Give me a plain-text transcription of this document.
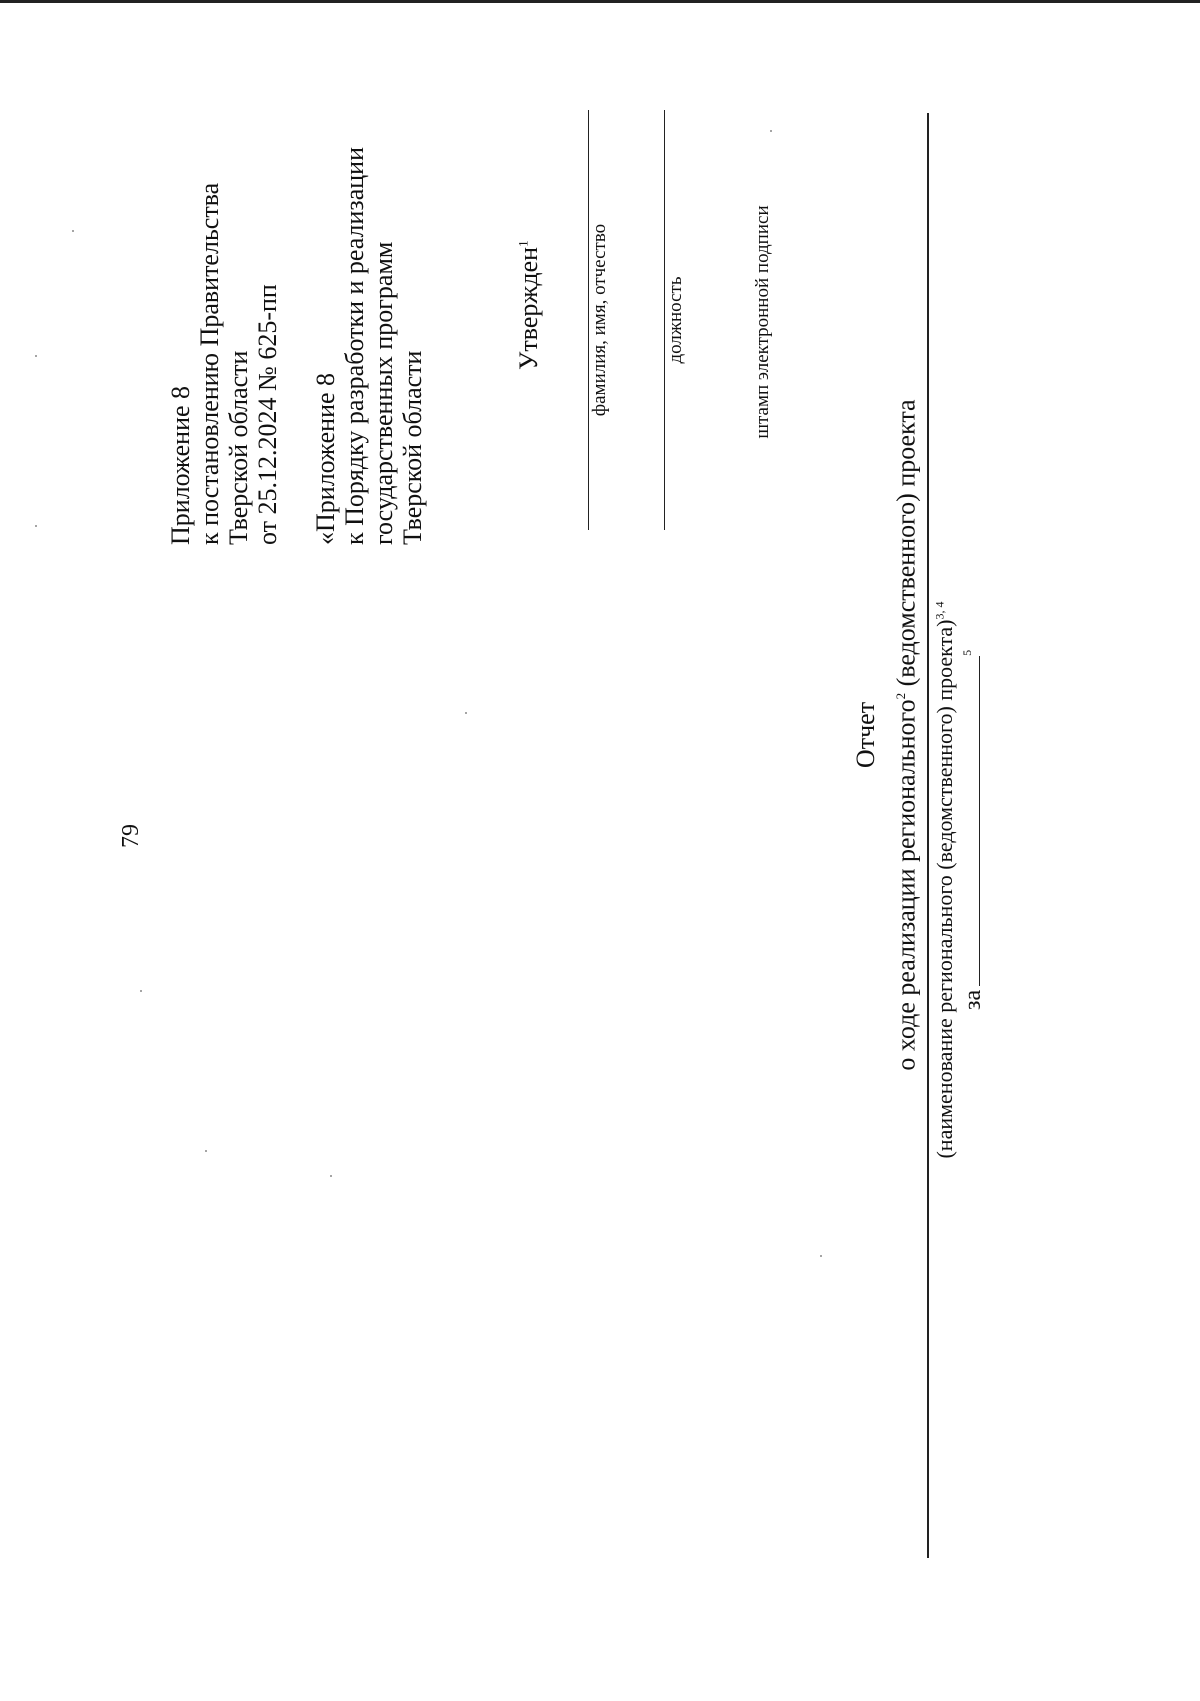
79
Приложение 8 к постановлению Правительства Тверской области от 25.12.2024 № 625-пп «Приложение 8 к Порядку разработки и реализации государственных программ Тверской области
Утвержден$^1$	фамилия, имя, отчество	должность	штамп электронной подписи
Отчет о ходе реализации регионального$^2$ (ведомственного) проекта
(наименование регионального (ведомственного) проекта)$^{3, 4}$
$за^5$
